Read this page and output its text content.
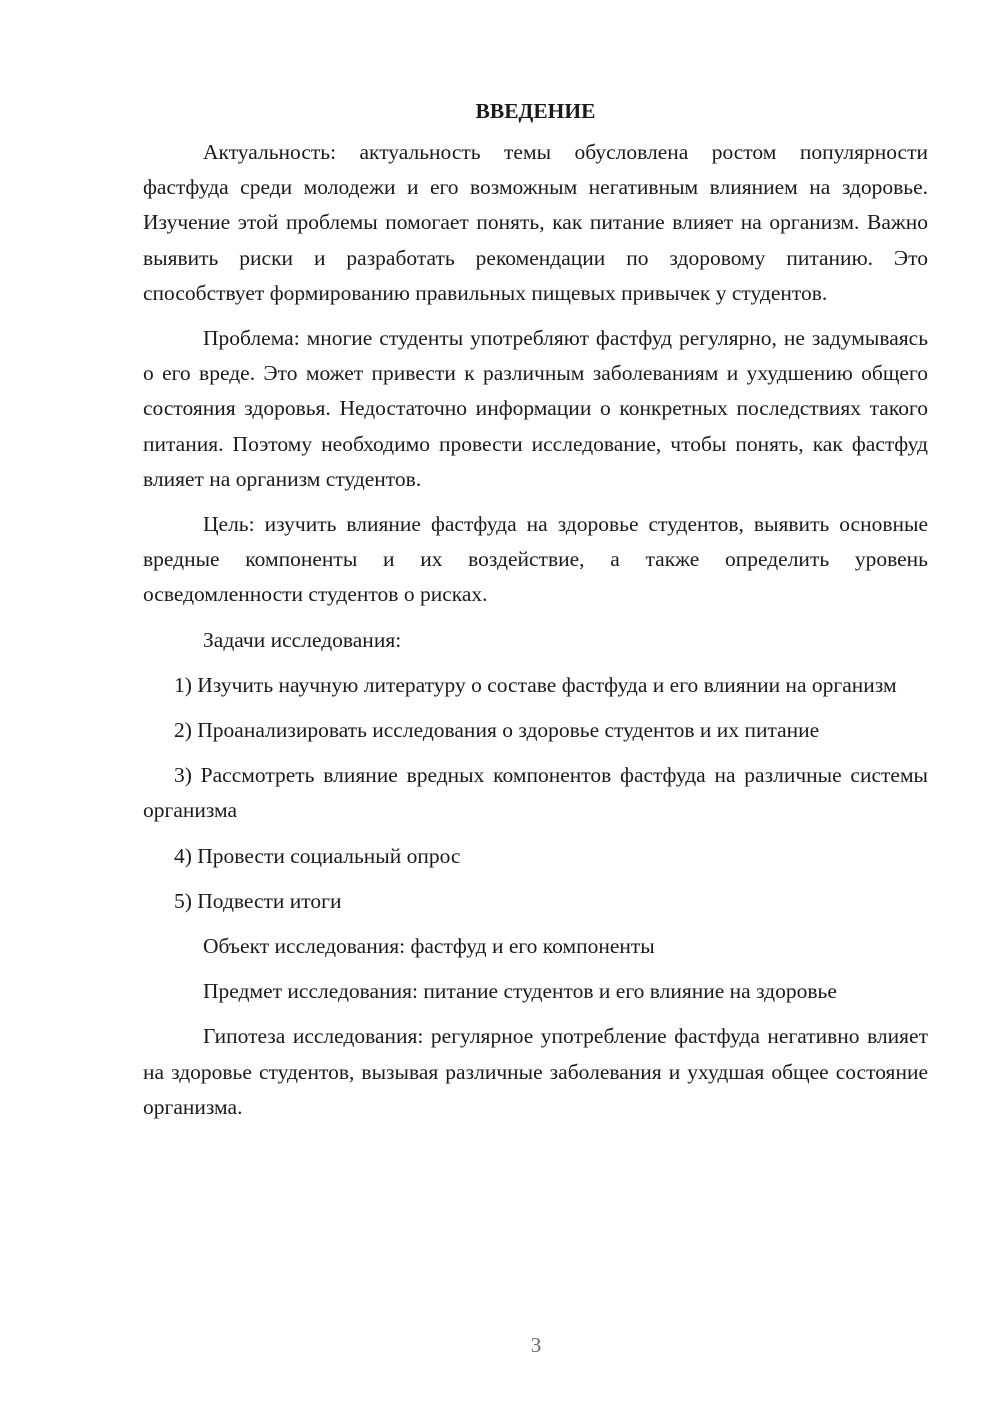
ВВЕДЕНИЕ

Актуальность: актуальность темы обусловлена ростом популярности фастфуда среди молодежи и его возможным негативным влиянием на здоровье. Изучение этой проблемы помогает понять, как питание влияет на организм. Важно выявить риски и разработать рекомендации по здоровому питанию. Это способствует формированию правильных пищевых привычек у студентов.

Проблема: многие студенты употребляют фастфуд регулярно, не задумываясь о его вреде. Это может привести к различным заболеваниям и ухудшению общего состояния здоровья. Недостаточно информации о конкретных последствиях такого питания. Поэтому необходимо провести исследование, чтобы понять, как фастфуд влияет на организм студентов.

Цель: изучить влияние фастфуда на здоровье студентов, выявить основные вредные компоненты и их воздействие, а также определить уровень осведомленности студентов о рисках.

Задачи исследования:

1) Изучить научную литературу о составе фастфуда и его влиянии на организм

2) Проанализировать исследования о здоровье студентов и их питание

3) Рассмотреть влияние вредных компонентов фастфуда на различные системы организма

4) Провести социальный опрос

5) Подвести итоги

Объект исследования: фастфуд и его компоненты

Предмет исследования: питание студентов и его влияние на здоровье

Гипотеза исследования: регулярное употребление фастфуда негативно влияет на здоровье студентов, вызывая различные заболевания и ухудшая общее состояние организма.

3
